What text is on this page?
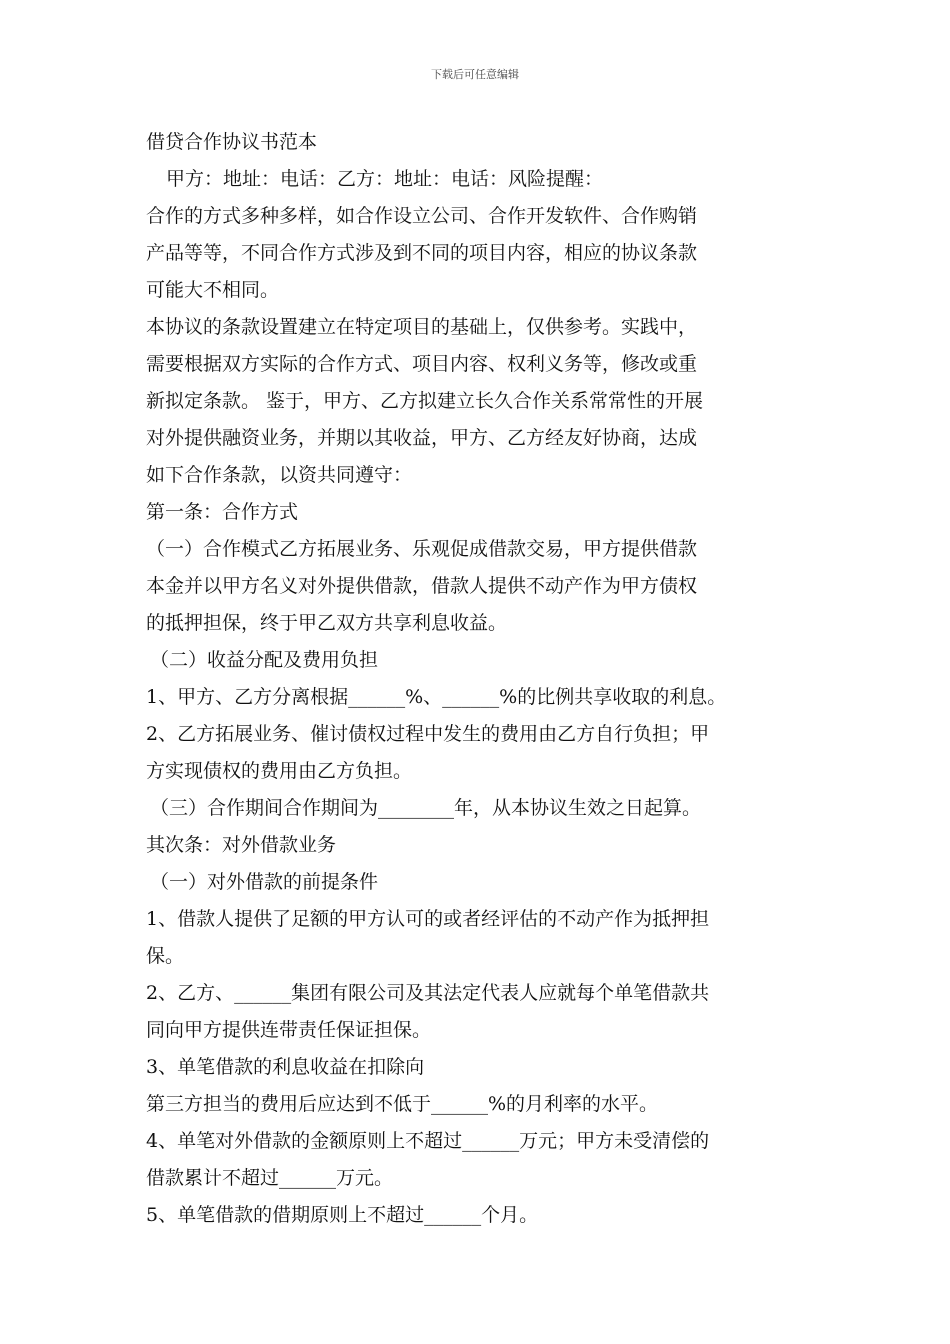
下载后可任意编辑
借贷合作协议书范本
甲方：地址：电话：乙方：地址：电话：风险提醒：
合作的方式多种多样，如合作设立公司、合作开发软件、合作购销
产品等等，不同合作方式涉及到不同的项目内容，相应的协议条款
可能大不相同。
本协议的条款设置建立在特定项目的基础上，仅供参考。实践中，
需要根据双方实际的合作方式、项目内容、权利义务等，修改或重
新拟定条款。 鉴于，甲方、乙方拟建立长久合作关系常常性的开展
对外提供融资业务，并期以其收益，甲方、乙方经友好协商，达成
如下合作条款，以资共同遵守：
第一条：合作方式
（一）合作模式乙方拓展业务、乐观促成借款交易，甲方提供借款
本金并以甲方名义对外提供借款，借款人提供不动产作为甲方债权
的抵押担保，终于甲乙双方共享利息收益。
（二）收益分配及费用负担
1、甲方、乙方分离根据______%、______%的比例共享收取的利息。
2、乙方拓展业务、催讨债权过程中发生的费用由乙方自行负担；甲
方实现债权的费用由乙方负担。
（三）合作期间合作期间为________年，从本协议生效之日起算。
其次条：对外借款业务
（一）对外借款的前提条件
1、借款人提供了足额的甲方认可的或者经评估的不动产作为抵押担
保。
2、乙方、______集团有限公司及其法定代表人应就每个单笔借款共
同向甲方提供连带责任保证担保。
3、单笔借款的利息收益在扣除向
第三方担当的费用后应达到不低于______%的月利率的水平。
4、单笔对外借款的金额原则上不超过______万元；甲方未受清偿的
借款累计不超过______万元。
5、单笔借款的借期原则上不超过______个月。
